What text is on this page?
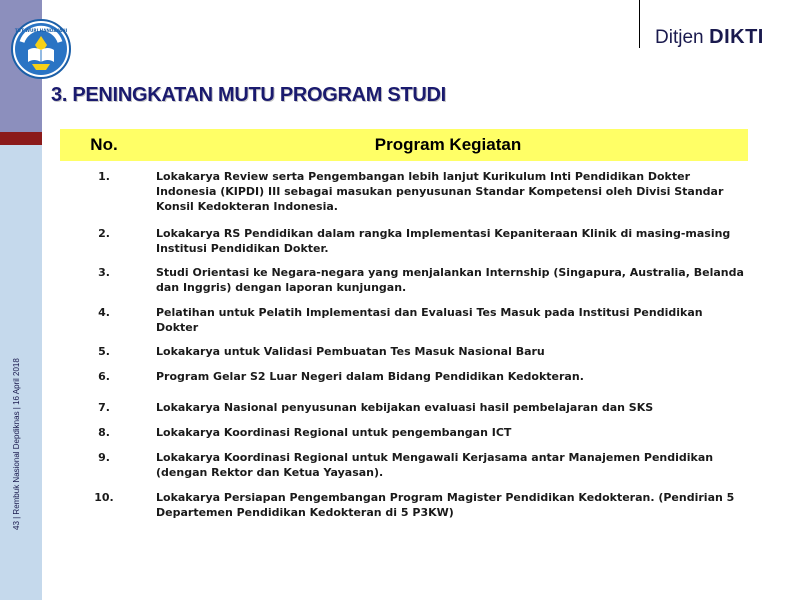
TUT WURI HANDAYANI	Ditjen DIKTI
3. PENINGKATAN MUTU PROGRAM STUDI
43 | Rembuk Nasional Depdiknas | 16 April 2018
No.	Program Kegiatan
1.	Lokakarya Review serta Pengembangan lebih lanjut Kurikulum Inti Pendidikan Dokter Indonesia (KIPDI) III sebagai masukan penyusunan Standar Kompetensi oleh Divisi Standar Konsil Kedokteran Indonesia.
2.	Lokakarya RS Pendidikan dalam rangka Implementasi Kepaniteraan Klinik di masing-masing Institusi Pendidikan Dokter.
3.	Studi Orientasi ke Negara-negara yang menjalankan Internship (Singapura, Australia, Belanda dan Inggris) dengan laporan kunjungan.
4.	Pelatihan untuk Pelatih Implementasi dan Evaluasi Tes Masuk pada Institusi Pendidikan Dokter
5.	Lokakarya untuk Validasi Pembuatan Tes Masuk Nasional Baru
6.	Program Gelar S2 Luar Negeri dalam Bidang Pendidikan Kedokteran.
7.	Lokakarya Nasional penyusunan kebijakan evaluasi hasil pembelajaran dan SKS
8.	Lokakarya Koordinasi Regional untuk pengembangan ICT
9.	Lokakarya Koordinasi Regional untuk Mengawali Kerjasama antar Manajemen Pendidikan (dengan Rektor dan Ketua Yayasan).
10.	Lokakarya Persiapan Pengembangan Program Magister Pendidikan Kedokteran. (Pendirian 5 Departemen Pendidikan Kedokteran di 5 P3KW)
